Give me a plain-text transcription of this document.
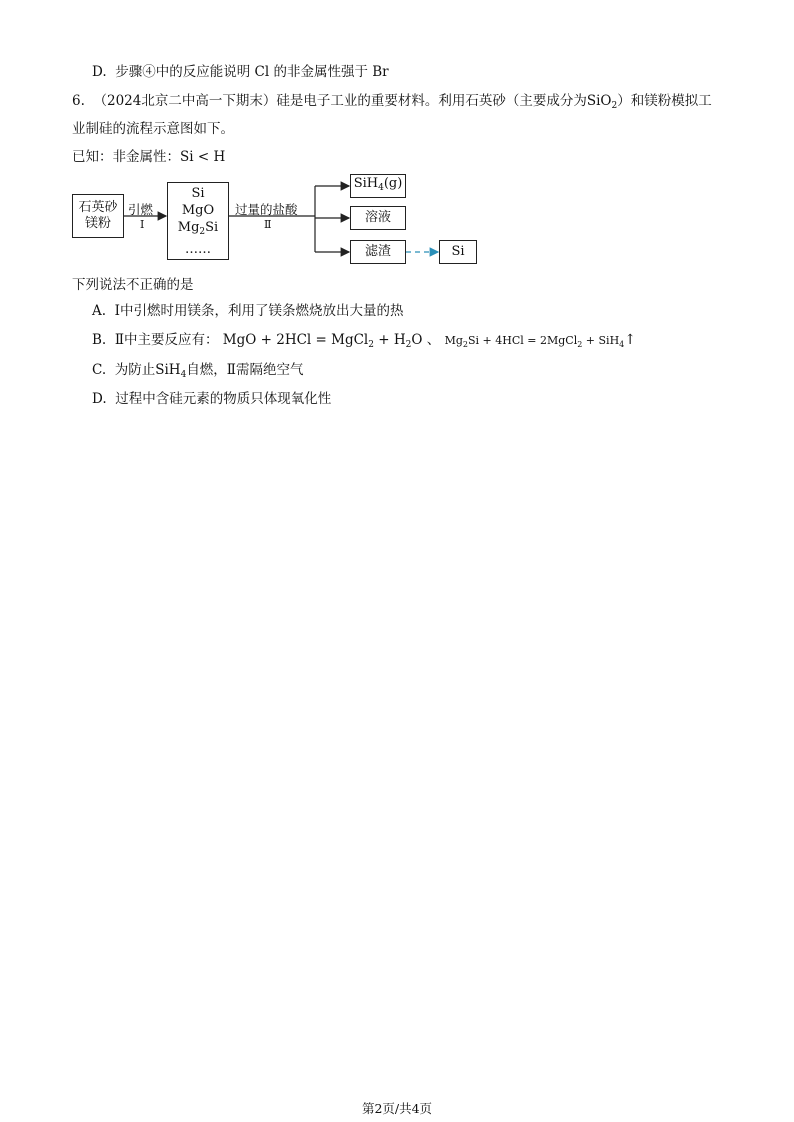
D. 步骤④中的反应能说明 Cl 的非金属性强于 Br
6. （2024北京二中高一下期末）硅是电子工业的重要材料。利用石英砂（主要成分为SiO$_2$）和镁粉模拟工
业制硅的流程示意图如下。
已知：非金属性：Si < H
石英砂
镁粉
引燃
Ⅰ
Si
MgO
$Mg_2Si$
……
过量的盐酸
Ⅱ
SiH$_4$(g)
溶液
滤渣	Si
下列说法不正确的是
A. Ⅰ中引燃时用镁条，利用了镁条燃烧放出大量的热
B. Ⅱ中主要反应有： MgO + 2HCl = MgCl$_2$ + $H_2O$ 、 $Mg_2Si + 4HCl$ = 2MgCl$_2$ + SiH$_4$↑
C. 为防止SiH$_4$自燃，Ⅱ需隔绝空气
D. 过程中含硅元素的物质只体现氧化性
第2页/共4页
